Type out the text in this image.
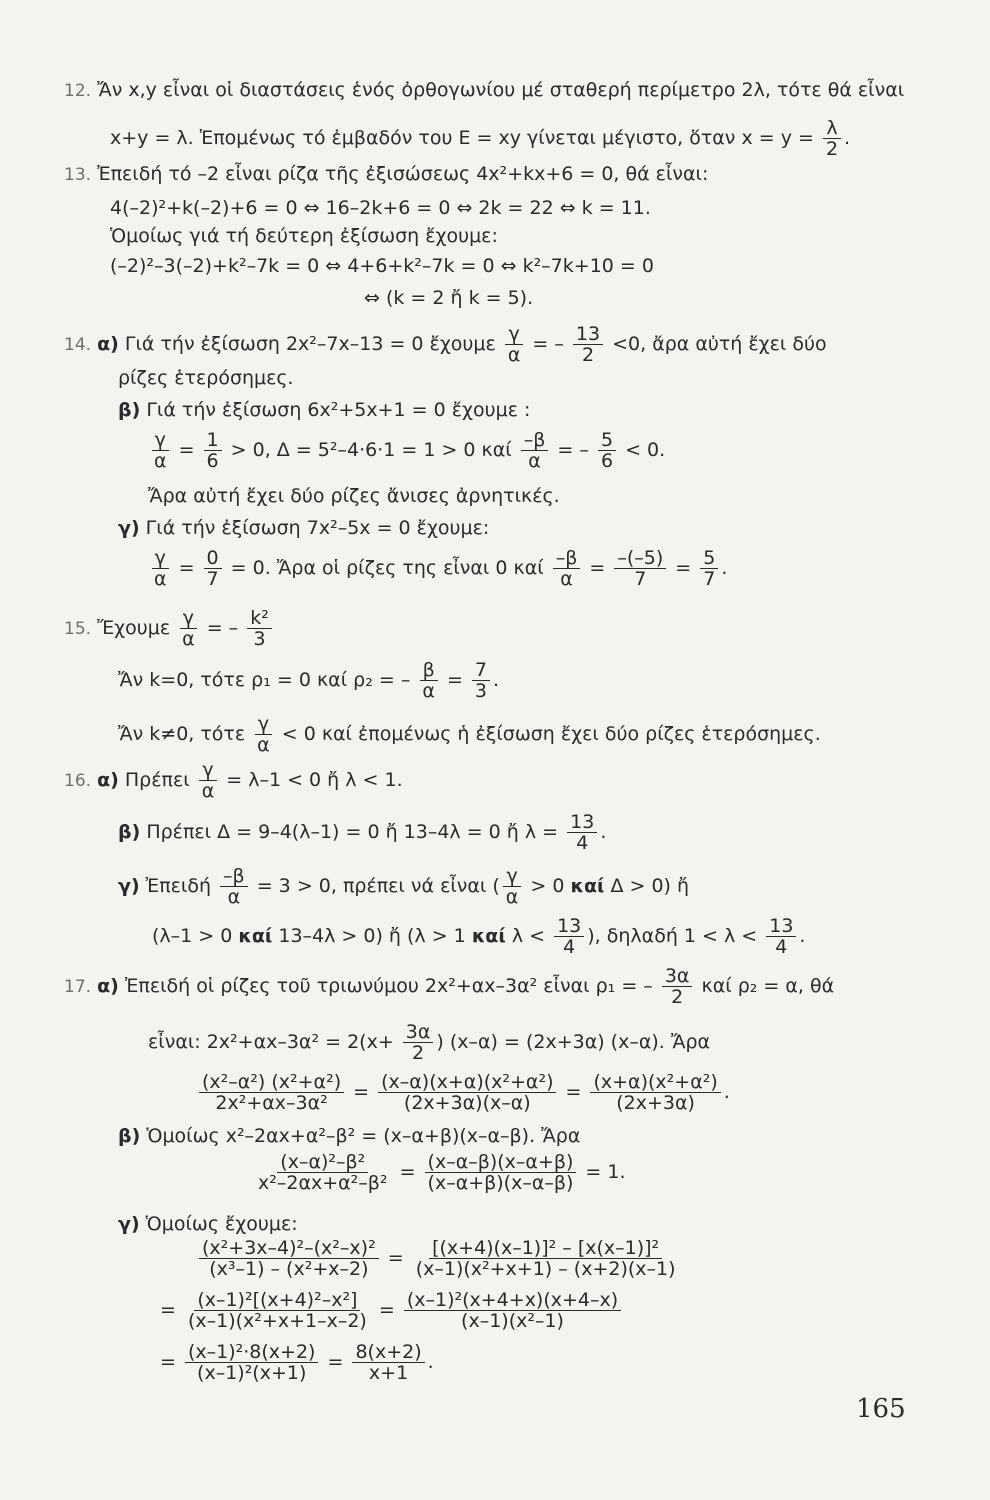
12. Ἄν x,y εἶναι οἱ διαστάσεις ἑνός ὀρθογωνίου μέ σταθερή περίμετρο 2λ, τότε θά εἶναι
x+y = λ. Ἑπομένως τό ἐμβαδόν του E = xy γίνεται μέγιστο, ὅταν $x = y = \frac{\lambda}{2}$ .
13. Ἐπειδή τό –2 εἶναι ρίζα τῆς ἐξισώσεως 4x²+kx+6 = 0, θά εἶναι:
4(–2)²+k(–2)+6 = 0 ⇔ 16–2k+6 = 0 ⇔ 2k = 22 ⇔ k = 11.
Ὁμοίως γιά τή δεύτερη ἐξίσωση ἔχουμε:
(–2)²–3(–2)+k²–7k = 0 ⇔ 4+6+k²–7k = 0 ⇔ k²–7k+10 = 0
⇔ (k = 2 ἤ k = 5).
14. α) Γιά τήν ἐξίσωση 2x²–7x–13 = 0 ἔχουμε $\frac{\gamma}{\alpha}$ = – $\frac{13}{2} <0$, ἄρα αὐτή ἔχει δύο
ρίζες ἑτερόσημες.
β) Γιά τήν ἐξίσωση 6x²+5x+1 = 0 ἔχουμε :
$\frac{\gamma}{\alpha} = \frac{1}{6} > 0$, Δ = 5²–4·6·1 = 1 > 0 καί $\frac{-\beta}{\alpha}$ = – $\frac{5}{6} < 0$.
Ἄρα αὐτή ἔχει δύο ρίζες ἄνισες ἀρνητικές.
γ) Γιά τήν ἐξίσωση 7x²–5x = 0 ἔχουμε:
$\frac{\gamma}{\alpha} = \frac{0}{7} = 0$. Ἄρα οἱ ρίζες της εἶναι 0 καί $\frac{-\beta}{\alpha} = \frac{-(-5)}{7} = \frac{5}{7}$ .
15. Ἔχουμε $\frac{\gamma}{\alpha}$ = – $\frac{\text{k²}}{3}$
Ἄν k=0, τότε ρ₁ = 0 καί ρ₂ = – $\frac{\beta}{\alpha} = \frac{7}{3}$ .
Ἄν k≠0, τότε $\frac{\gamma}{\alpha} < 0$ καί ἐπομένως ἡ ἐξίσωση ἔχει δύο ρίζες ἑτερόσημες.
16. α) Πρέπει $\frac{\gamma}{\alpha} = \lambda-1 < 0$ ἤ λ < 1.
β) Πρέπει Δ = 9–4(λ–1) = 0 ἤ 13–4λ = 0 ἤ $\lambda = \frac{13}{4}$ .
γ) Ἐπειδή $\frac{-\beta}{\alpha} = 3 > 0$, πρέπει νά εἶναι ( $\frac{\gamma}{\alpha} > 0$ καί Δ > 0) ἤ
(λ–1 > 0 καί 13–4λ > 0) ἤ (λ > 1 καί $\lambda < \frac{13}{4}$ ), δηλαδή $1 < \lambda < \frac{13}{4}$ .
17. α) Ἐπειδή οἱ ρίζες τοῦ τριωνύμου 2x²+αx–3α² εἶναι ρ₁ = – $\frac{3\alpha}{2}$ καί ρ₂ = α, θά
εἶναι: $2x^2+\alpha x-3\alpha^2 = 2(x+ \frac{3\alpha}{2}$ ) (x–α) = (2x+3α) (x–α). Ἄρα
$\frac{\text{(x²–α²) (x²+α²)}}{\text{2x²+αx–3α²}} = \frac{\text{(x–α)(x+α)(x²+α²)}}{(2x+3\alpha)(x-\alpha)} = \frac{\text{(x+α)(x²+α²)}}{(2x+3\alpha)}$ .
β) Ὁμοίως x²–2αx+α²–β² = (x–α+β)(x–α–β). Ἄρα
$\frac{\text{(x–α)²–β²}}{\text{x²–2αx+α²–β²}} = \frac{(x-\alpha-\beta)(x-\alpha+\beta)}{(x-\alpha+\beta)(x-\alpha-\beta)} = 1$.
γ) Ὁμοίως ἔχουμε:
$\frac{\text{(x²+3x–4)²–(x²–x)²}}{\text{(x³–1) – (x²+x–2)}} = \frac{\text{[(x+4)(x–1)]² – [x(x–1)]²}}{\text{(x–1)(x²+x+1) – (x+2)(x–1)}}$
= $\frac{\text{(x–1)²[(x+4)²–x²]}}{\text{(x–1)(x²+x+1–x–2)}} = \frac{\text{(x–1)²(x+4+x)(x+4–x)}}{\text{(x–1)(x²–1)}}$
= $\frac{\text{(x–1)²·8(x+2)}}{\text{(x–1)²(x+1)}} = \frac{8(x+2)}{x+1}$ .
165
